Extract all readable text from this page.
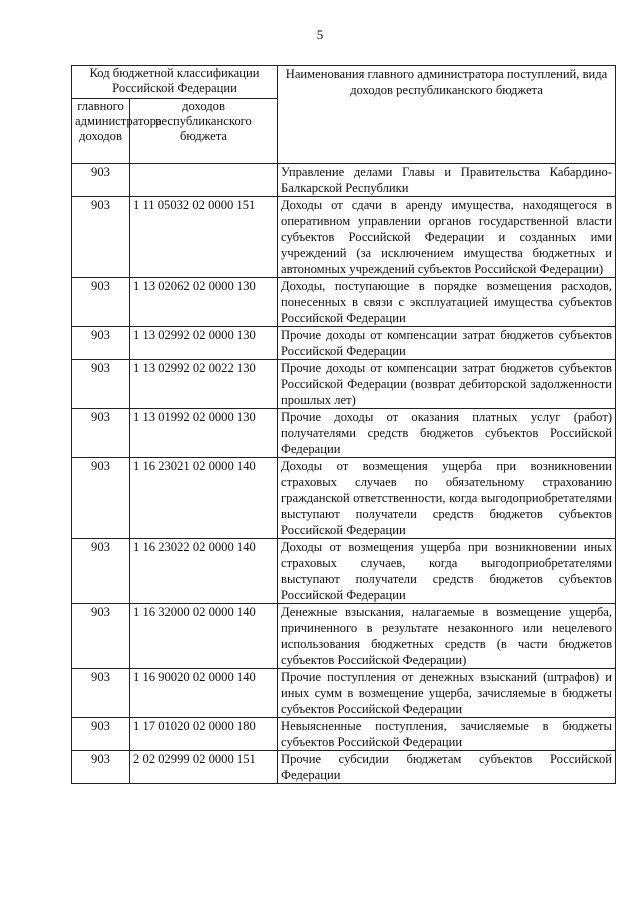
5
Код бюджетной классификации Российской Федерации		Наименования главного администратора поступлений, вида доходов республиканского бюджета
главного администратора доходов	доходов республиканского бюджета	
903		Управление делами Главы и Правительства Кабардино-Балкарской Республики
903	1 11 05032 02 0000 151	Доходы от сдачи в аренду имущества, находящегося в оперативном управлении органов государственной власти субъектов Российской Федерации и созданных ими учреждений (за исключением имущества бюджетных и автономных учреждений субъектов Российской Федерации)
903	1 13 02062 02 0000 130	Доходы, поступающие в порядке возмещения расходов, понесенных в связи с эксплуатацией имущества субъектов Российской Федерации
903	1 13 02992 02 0000 130	Прочие доходы от компенсации затрат бюджетов субъектов Российской Федерации
903	1 13 02992 02 0022 130	Прочие доходы от компенсации затрат бюджетов субъектов Российской Федерации (возврат дебиторской задолженности прошлых лет)
903	1 13 01992 02 0000 130	Прочие доходы от оказания платных услуг (работ) получателями средств бюджетов субъектов Российской Федерации
903	1 16 23021 02 0000 140	Доходы от возмещения ущерба при возникновении страховых случаев по обязательному страхованию гражданской ответственности, когда выгодоприобретателями выступают получатели средств бюджетов субъектов Российской Федерации
903	1 16 23022 02 0000 140	Доходы от возмещения ущерба при возникновении иных страховых случаев, когда выгодоприобретателями выступают получатели средств бюджетов субъектов Российской Федерации
903	1 16 32000 02 0000 140	Денежные взыскания, налагаемые в возмещение ущерба, причиненного в результате незаконного или нецелевого использования бюджетных средств (в части бюджетов субъектов Российской Федерации)
903	1 16 90020 02 0000 140	Прочие поступления от денежных взысканий (штрафов) и иных сумм в возмещение ущерба, зачисляемые в бюджеты субъектов Российской Федерации
903	1 17 01020 02 0000 180	Невыясненные поступления, зачисляемые в бюджеты субъектов Российской Федерации
903	2 02 02999 02 0000 151	Прочие субсидии бюджетам субъектов Российской Федерации
